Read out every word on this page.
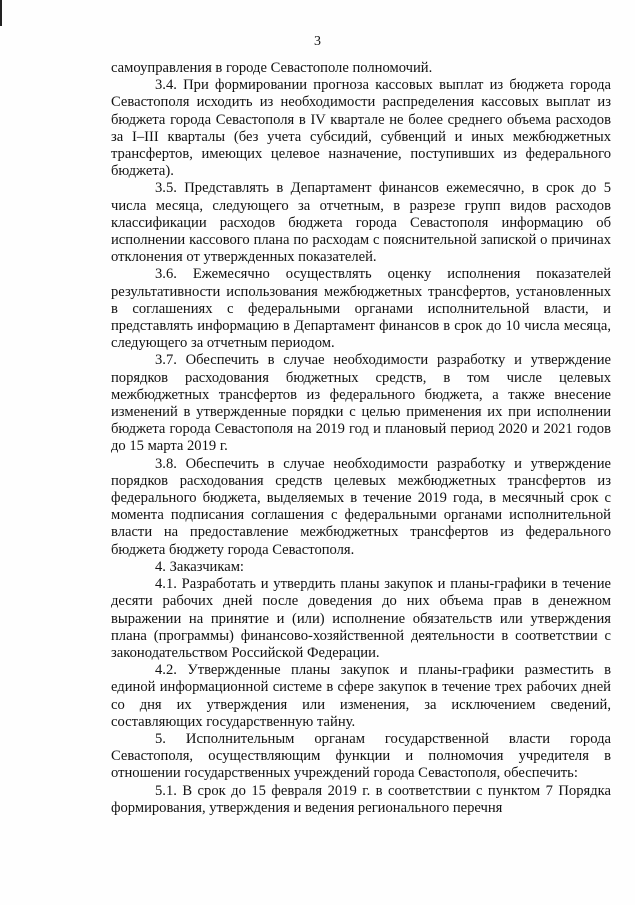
3

самоуправления в городе Севастополе полномочий.

3.4. При формировании прогноза кассовых выплат из бюджета города Севастополя исходить из необходимости распределения кассовых выплат из бюджета города Севастополя в IV квартале не более среднего объема расходов за I–III кварталы (без учета субсидий, субвенций и иных межбюджетных трансфертов, имеющих целевое назначение, поступивших из федерального бюджета).

3.5. Представлять в Департамент финансов ежемесячно, в срок до 5 числа месяца, следующего за отчетным, в разрезе групп видов расходов классификации расходов бюджета города Севастополя информацию об исполнении кассового плана по расходам с пояснительной запиской о причинах отклонения от утвержденных показателей.

3.6. Ежемесячно осуществлять оценку исполнения показателей результативности использования межбюджетных трансфертов, установленных в соглашениях с федеральными органами исполнительной власти, и представлять информацию в Департамент финансов в срок до 10 числа месяца, следующего за отчетным периодом.

3.7. Обеспечить в случае необходимости разработку и утверждение порядков расходования бюджетных средств, в том числе целевых межбюджетных трансфертов из федерального бюджета, а также внесение изменений в утвержденные порядки с целью применения их при исполнении бюджета города Севастополя на 2019 год и плановый период 2020 и 2021 годов до 15 марта 2019 г.

3.8. Обеспечить в случае необходимости разработку и утверждение порядков расходования средств целевых межбюджетных трансфертов из федерального бюджета, выделяемых в течение 2019 года, в месячный срок с момента подписания соглашения с федеральными органами исполнительной власти на предоставление межбюджетных трансфертов из федерального бюджета бюджету города Севастополя.

4. Заказчикам:

4.1. Разработать и утвердить планы закупок и планы-графики в течение десяти рабочих дней после доведения до них объема прав в денежном выражении на принятие и (или) исполнение обязательств или утверждения плана (программы) финансово-хозяйственной деятельности в соответствии с законодательством Российской Федерации.

4.2. Утвержденные планы закупок и планы-графики разместить в единой информационной системе в сфере закупок в течение трех рабочих дней со дня их утверждения или изменения, за исключением сведений, составляющих государственную тайну.

5. Исполнительным органам государственной власти города Севастополя, осуществляющим функции и полномочия учредителя в отношении государственных учреждений города Севастополя, обеспечить:

5.1. В срок до 15 февраля 2019 г. в соответствии с пунктом 7 Порядка формирования, утверждения и ведения регионального перечня
